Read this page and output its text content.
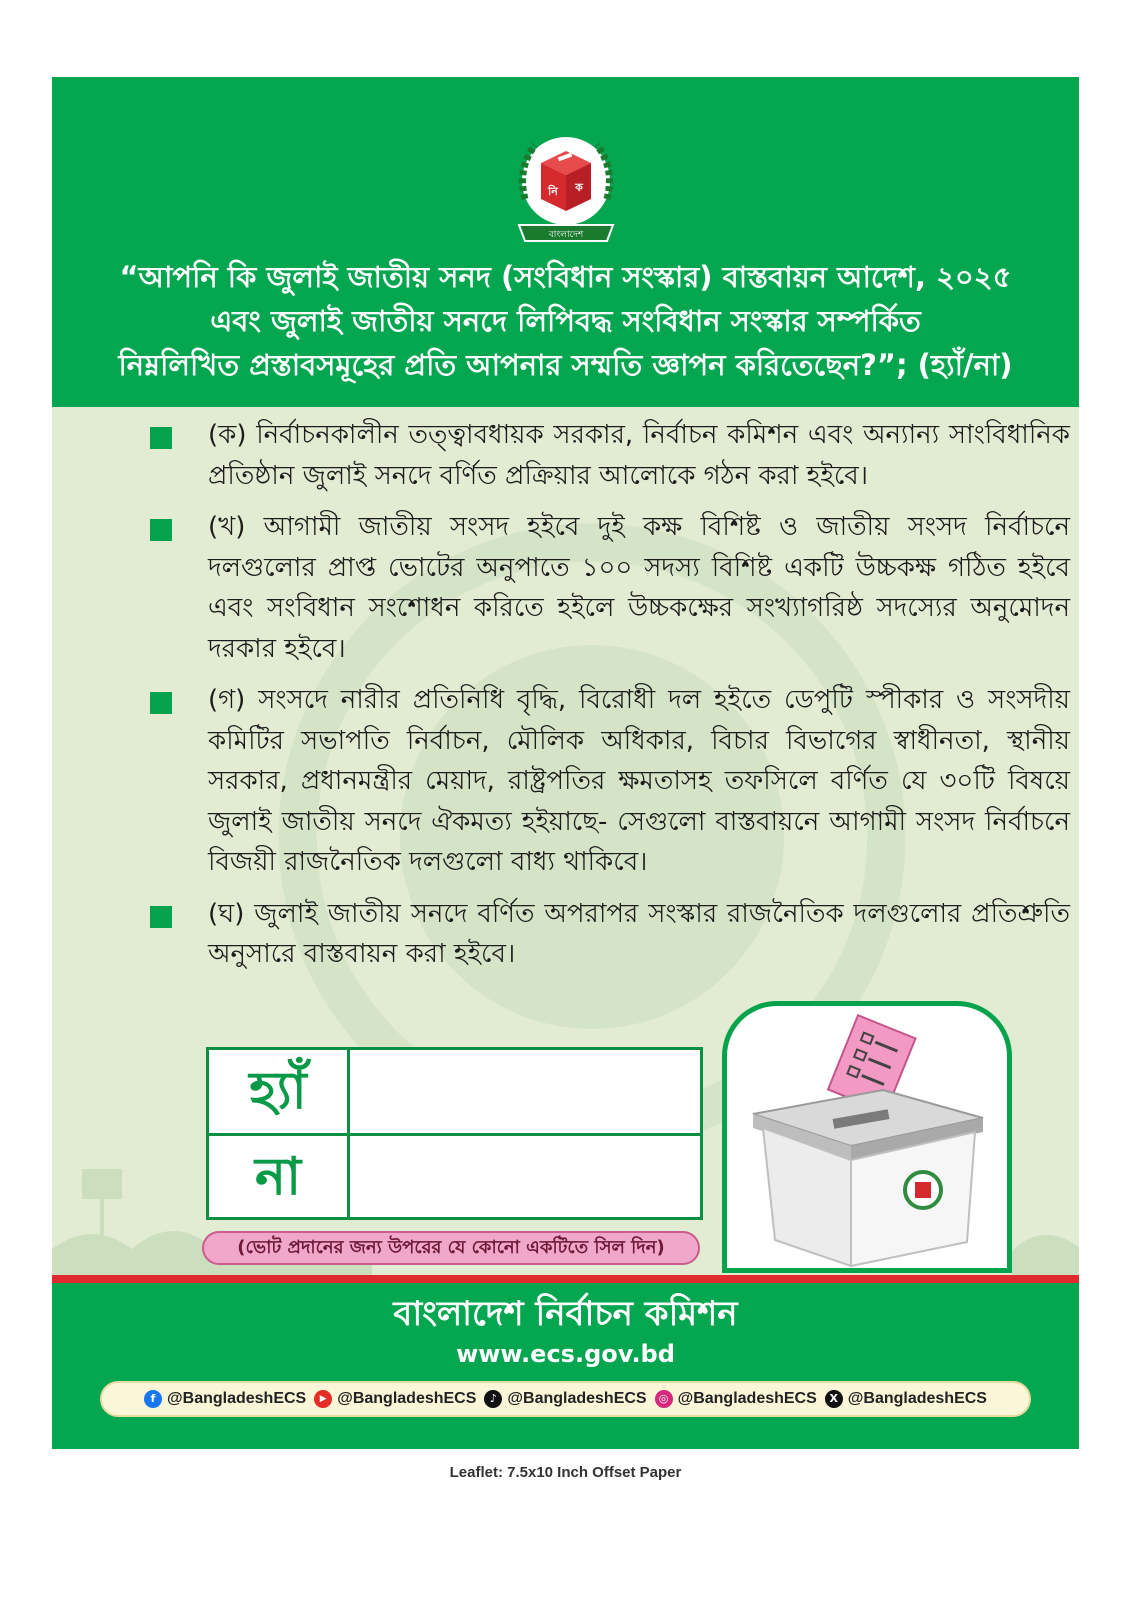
নি ক
বাংলাদেশ
“আপনি কি জুলাই জাতীয় সনদ (সংবিধান সংস্কার) বাস্তবায়ন আদেশ, ২০২৫
এবং জুলাই জাতীয় সনদে লিপিবদ্ধ সংবিধান সংস্কার সম্পর্কিত
নিম্নলিখিত প্রস্তাবসমূহের প্রতি আপনার সম্মতি জ্ঞাপন করিতেছেন?”; (হ্যাঁ/না)
(ক) নির্বাচনকালীন তত্ত্বাবধায়ক সরকার, নির্বাচন কমিশন এবং অন্যান্য সাংবিধানিক প্রতিষ্ঠান জুলাই সনদে বর্ণিত প্রক্রিয়ার আলোকে গঠন করা হইবে।
(খ) আগামী জাতীয় সংসদ হইবে দুই কক্ষ বিশিষ্ট ও জাতীয় সংসদ নির্বাচনে দলগুলোর প্রাপ্ত ভোটের অনুপাতে ১০০ সদস্য বিশিষ্ট একটি উচ্চকক্ষ গঠিত হইবে এবং সংবিধান সংশোধন করিতে হইলে উচ্চকক্ষের সংখ্যাগরিষ্ঠ সদস্যের অনুমোদন দরকার হইবে।
(গ) সংসদে নারীর প্রতিনিধি বৃদ্ধি, বিরোধী দল হইতে ডেপুটি স্পীকার ও সংসদীয় কমিটির সভাপতি নির্বাচন, মৌলিক অধিকার, বিচার বিভাগের স্বাধীনতা, স্থানীয় সরকার, প্রধানমন্ত্রীর মেয়াদ, রাষ্ট্রপতির ক্ষমতাসহ তফসিলে বর্ণিত যে ৩০টি বিষয়ে জুলাই জাতীয় সনদে ঐকমত্য হইয়াছে- সেগুলো বাস্তবায়নে আগামী সংসদ নির্বাচনে বিজয়ী রাজনৈতিক দলগুলো বাধ্য থাকিবে।
(ঘ) জুলাই জাতীয় সনদে বর্ণিত অপরাপর সংস্কার রাজনৈতিক দলগুলোর প্রতিশ্রুতি অনুসারে বাস্তবায়ন করা হইবে।
হ্যাঁ
না
(ভোট প্রদানের জন্য উপরের যে কোনো একটিতে সিল দিন)
বাংলাদেশ নির্বাচন কমিশন
www.ecs.gov.bd
f @BangladeshECS	▶ @BangladeshECS	♪ @BangladeshECS	◎ @BangladeshECS	X @BangladeshECS
Leaflet: 7.5x10 Inch Offset Paper
